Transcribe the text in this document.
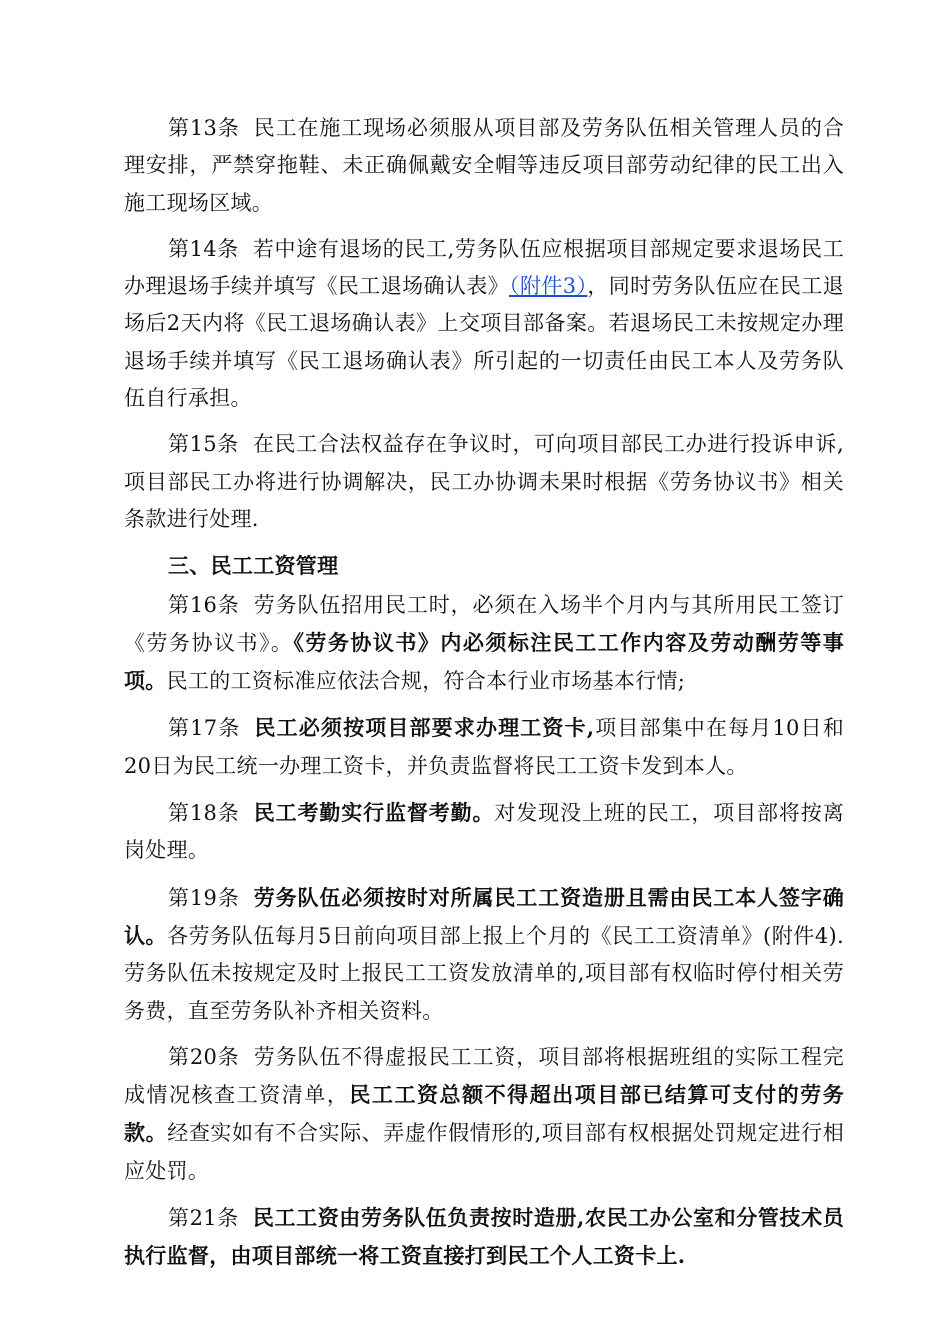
第13条 民工在施工现场必须服从项目部及劳务队伍相关管理人员的合理安排，严禁穿拖鞋、未正确佩戴安全帽等违反项目部劳动纪律的民工出入施工现场区域。

第14条 若中途有退场的民工,劳务队伍应根据项目部规定要求退场民工办理退场手续并填写《民工退场确认表》（附件3），同时劳务队伍应在民工退场后2天内将《民工退场确认表》上交项目部备案。若退场民工未按规定办理退场手续并填写《民工退场确认表》所引起的一切责任由民工本人及劳务队伍自行承担。

第15条 在民工合法权益存在争议时，可向项目部民工办进行投诉申诉,项目部民工办将进行协调解决，民工办协调未果时根据《劳务协议书》相关条款进行处理.

三、民工工资管理

第16条 劳务队伍招用民工时，必须在入场半个月内与其所用民工签订《劳务协议书》。《劳务协议书》内必须标注民工工作内容及劳动酬劳等事项。民工的工资标准应依法合规，符合本行业市场基本行情;

第17条 民工必须按项目部要求办理工资卡,项目部集中在每月10日和20日为民工统一办理工资卡，并负责监督将民工工资卡发到本人。

第18条 民工考勤实行监督考勤。对发现没上班的民工，项目部将按离岗处理。

第19条 劳务队伍必须按时对所属民工工资造册且需由民工本人签字确认。各劳务队伍每月5日前向项目部上报上个月的《民工工资清单》(附件4).劳务队伍未按规定及时上报民工工资发放清单的,项目部有权临时停付相关劳务费，直至劳务队补齐相关资料。

第20条 劳务队伍不得虚报民工工资，项目部将根据班组的实际工程完成情况核查工资清单，民工工资总额不得超出项目部已结算可支付的劳务款。经查实如有不合实际、弄虚作假情形的,项目部有权根据处罚规定进行相应处罚。

第21条 民工工资由劳务队伍负责按时造册,农民工办公室和分管技术员执行监督，由项目部统一将工资直接打到民工个人工资卡上.
